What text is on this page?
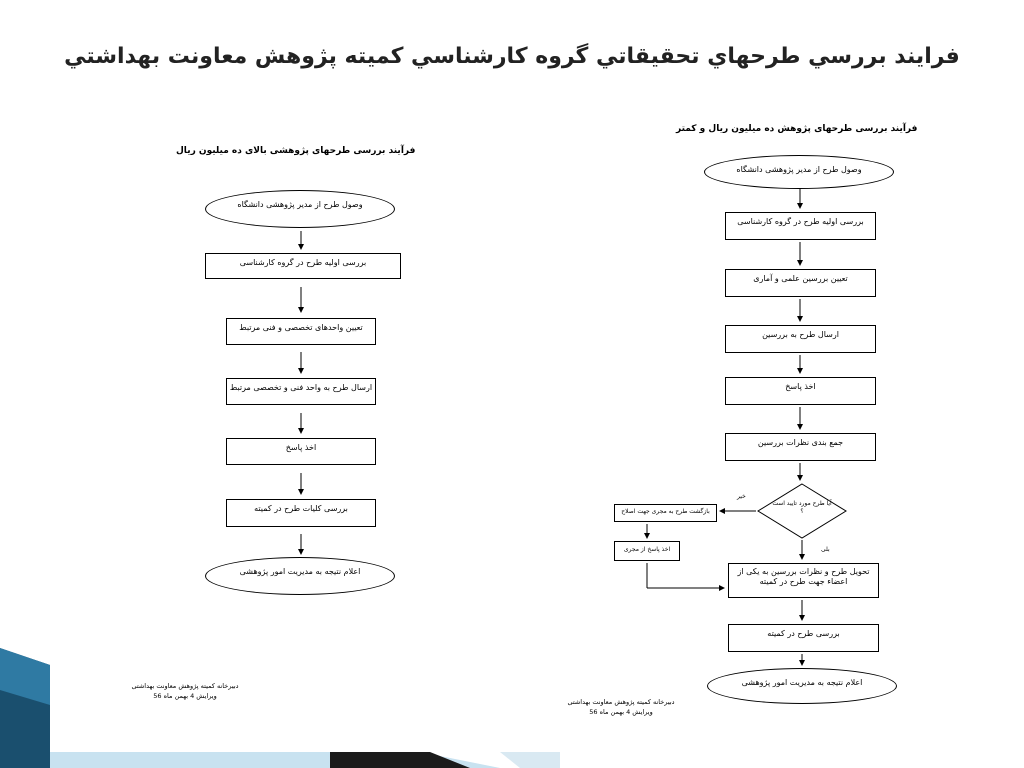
فرايند بررسي طرحهاي تحقيقاتي گروه كارشناسي كميته پژوهش معاونت بهداشتي
فرآیند بررسی طرحهای پژوهشی بالای ده میلیون ریال
وصول طرح از مدیر پژوهشی دانشگاه
بررسی اولیه طرح در گروه کارشناسی
تعیین واحدهای تخصصی و فنی مرتبط
ارسال طرح به واحد فنی و تخصصی مرتبط
اخذ پاسخ
بررسی کلیات طرح در کمیته
اعلام نتیجه به مدیریت امور پژوهشی
دبیرخانه کمیته پژوهش معاونت بهداشتی
ویرایش 4 بهمن ماه 56
فرآیند بررسی طرحهای پژوهش ده میلیون ریال و کمتر
وصول طرح از مدیر پژوهشی دانشگاه
بررسی اولیه طرح در گروه کارشناسی
تعیین بررسین علمی و آماری
ارسال طرح به بررسین
اخذ پاسخ
جمع بندی نظرات بررسین
آیا طرح مورد تایید است ؟
خیر
بلی
بازگشت طرح به مجری جهت اصلاح
اخذ پاسخ از مجری
تحویل طرح و نظرات بررسین به یکی از اعضاء جهت طرح در کمیته
بررسی طرح در کمیته
اعلام نتیجه به مدیریت امور پژوهشی
دبیرخانه کمیته پژوهش معاونت بهداشتی
ویرایش 4 بهمن ماه 56
